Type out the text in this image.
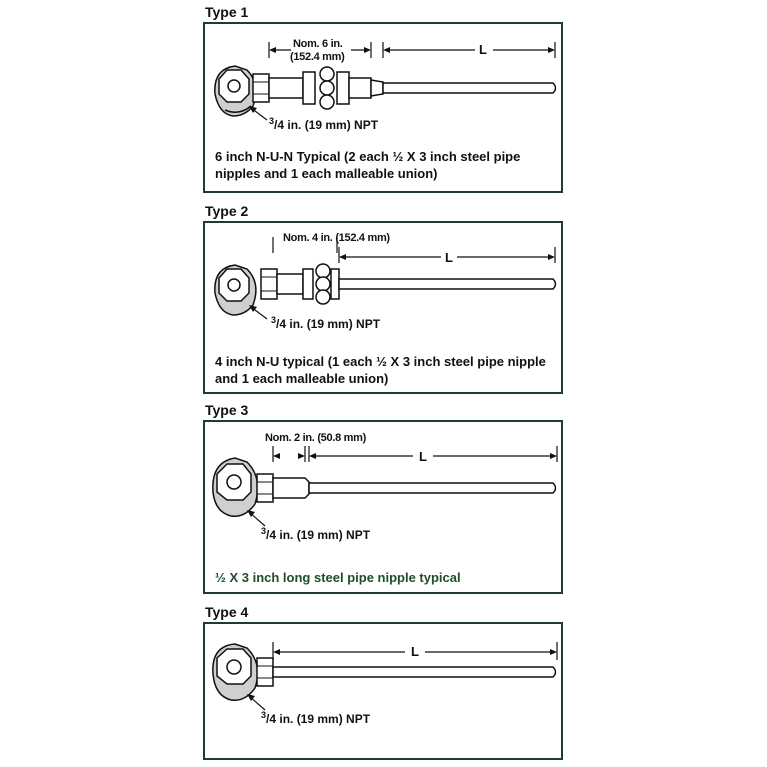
Type 1
Nom. 6 in.
(152.4 mm)	L
$^3$/4 in. (19 mm) NPT
6 inch N-U-N Typical (2 each ½ X 3 inch steel pipe nipples and 1 each malleable union)
Type 2
Nom. 4 in. (152.4 mm)
L
$^3$/4 in. (19 mm) NPT
4 inch N-U typical (1 each ½ X 3 inch steel pipe nipple and 1 each malleable union)
Type 3
Nom. 2 in. (50.8 mm)
L
$^3$/4 in. (19 mm) NPT
½ X 3 inch long steel pipe nipple typical
Type 4
L
$^3$/4 in. (19 mm) NPT
